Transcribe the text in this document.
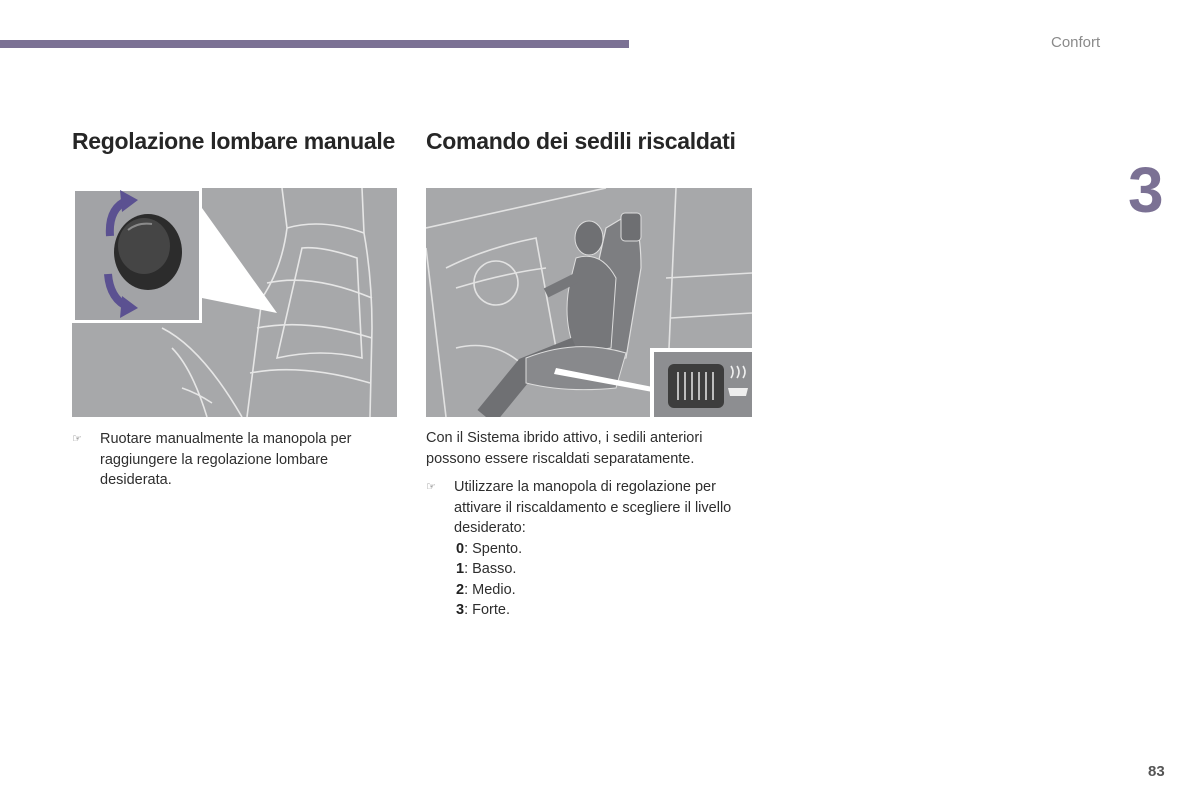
Confort
3
Regolazione lombare manuale
☞	Ruotare manualmente la manopola per raggiungere la regolazione lombare desiderata.
Comando dei sedili riscaldati
Con il Sistema ibrido attivo, i sedili anteriori possono essere riscaldati separatamente.
☞	Utilizzare la manopola di regolazione per attivare il riscaldamento e scegliere il livello desiderato:
0: Spento.
1: Basso.
2: Medio.
3: Forte.
83
